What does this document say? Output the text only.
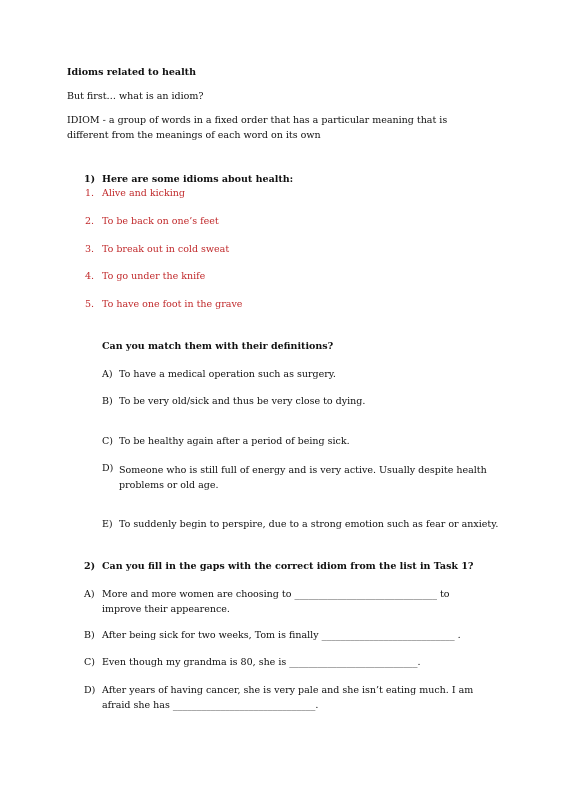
Idioms related to health
But first… what is an idiom?
IDIOM - a group of words in a fixed order that has a particular meaning that is different from the meanings of each word on its own
1) Here are some idioms about health:
1. Alive and kicking
2. To be back on one’s feet
3. To break out in cold sweat
4. To go under the knife
5. To have one foot in the grave
Can you match them with their definitions?
A) To have a medical operation such as surgery.
B) To be very old/sick and thus be very close to dying.
C) To be healthy again after a period of being sick.
D) Someone who is still full of energy and is very active. Usually despite health problems or old age.
E) To suddenly begin to perspire, due to a strong emotion such as fear or anxiety.
2) Can you fill in the gaps with the correct idiom from the list in Task 1?
A) More and more women are choosing to ______________________________ to improve their appearence.
B) After being sick for two weeks, Tom is finally ____________________________ .
C) Even though my grandma is 80, she is ___________________________.
D) After years of having cancer, she is very pale and she isn’t eating much. I am afraid she has ______________________________.
